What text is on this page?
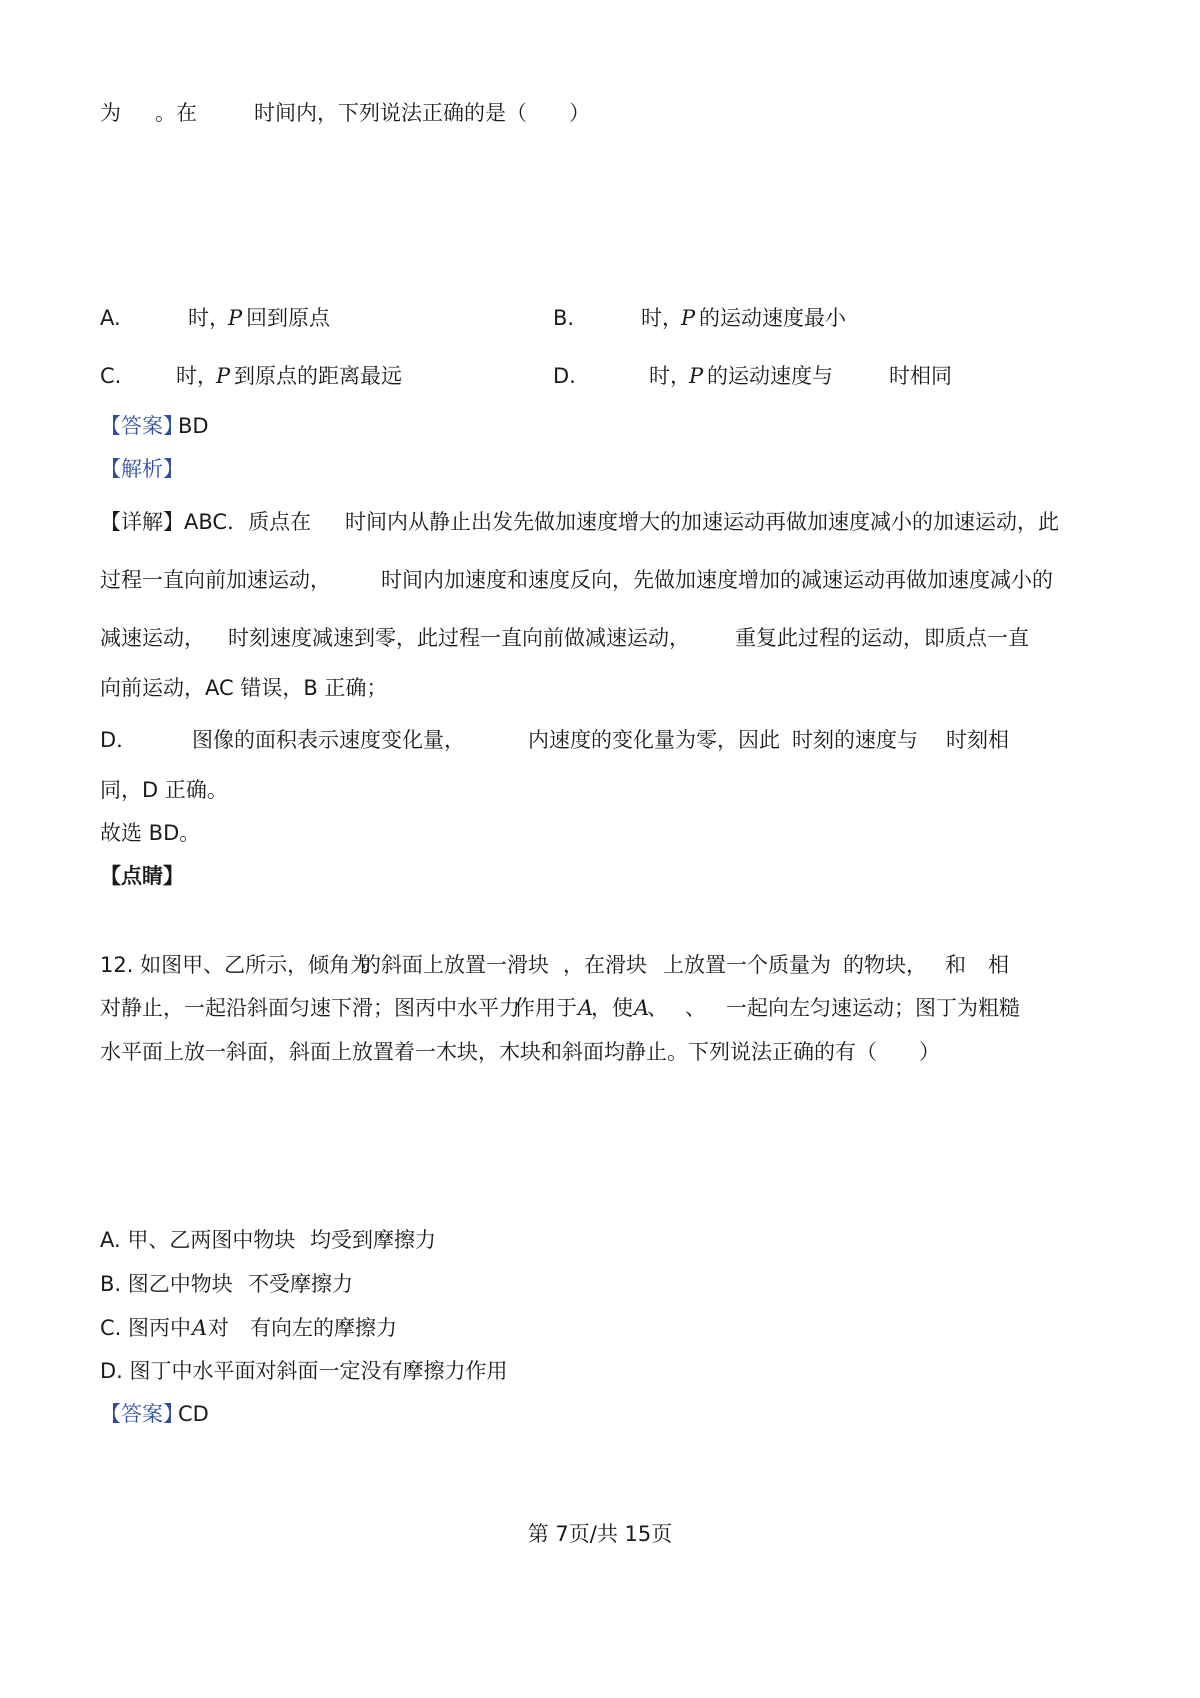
为 。在	时间内，下列说法正确的是（　　）
A.	时，
P 回到原点	B.	时，
P 的运动速度最小
C.	时，
P 到原点的距离最远	D.	时，
P 的运动速度与	时相同
【答案】
BD
【解析】
【详解】ABC．质点在 时间内从静止出发先做加速度增大的加速运动再做加速度减小的加速运动，此
过程一直向前加速运动， 时间内加速度和速度反向，先做加速度增加的减速运动再做加速度减小的
减速运动， 时刻速度减速到零，此过程一直向前做减速运动， 重复此过程的运动，即质点一直
向前运动，AC 错误，B 正确；
D．	图像的面积表示速度变化量，	内速度的变化量为零，因此 时刻的速度与 时刻相
同，D 正确。
故选 BD。
【点睛】
12. 如图甲、乙所示，倾角为
的斜面上放置一滑块 ，在滑块 上放置一个质量为 的物块， 和 相
对静止，一起沿斜面匀速下滑；图丙中水平力
作用于 A
，使 A
、 、 一起向左匀速运动；图丁为粗糙
水平面上放一斜面，斜面上放置着一木块，木块和斜面均静止。下列说法正确的有（　　）
A. 甲、乙两图中物块 均受到摩擦力
B. 图乙中物块 不受摩擦力
C. 图丙中 A 对 有向左的摩擦力
D. 图丁中水平面对斜面一定没有摩擦力作用
【答案】
CD
第 7页/共 15页
